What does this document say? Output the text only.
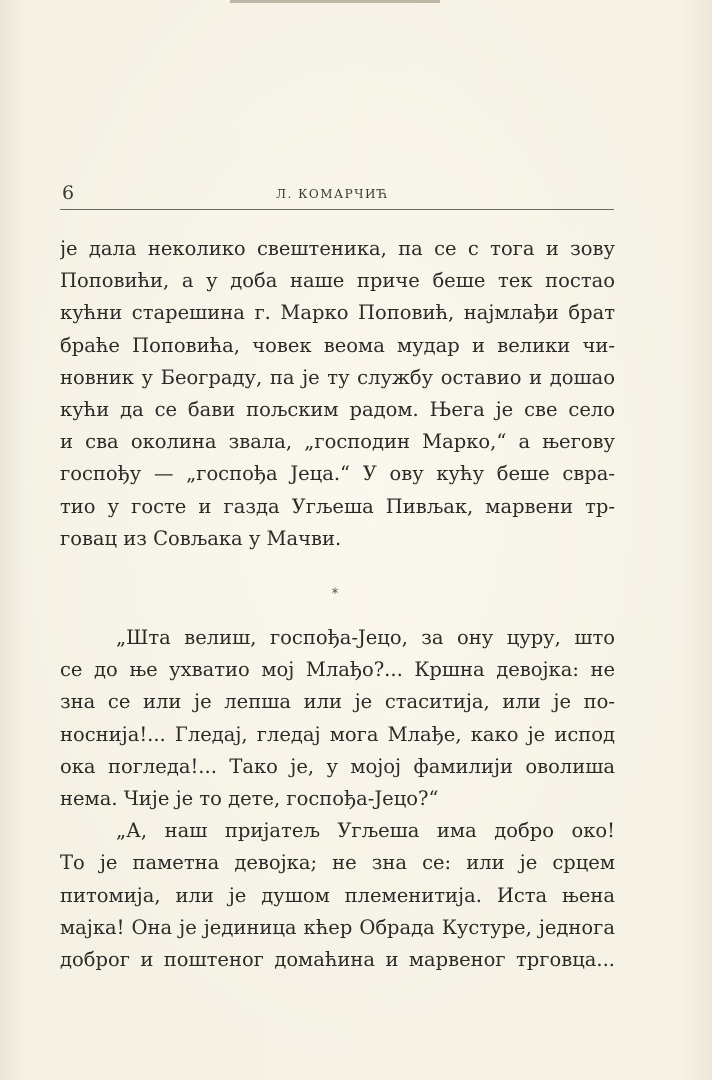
6	Л. КОМАРЧИЋ
је дала неколико свештеника, па се с тога и зову
Поповићи, а у доба наше приче беше тек постао
кућни старешина г. Марко Поповић, најмлађи брат
браће Поповића, човек веома мудар и велики чи-
новник у Београду, па је ту службу оставио и дошао
кући да се бави пољским радом. Њега је све село
и сва околина звала, „господин Марко,“ а његову
госпођу — „госпођа Јеца.“ У ову кућу беше свра-
тио у госте и газда Угљеша Пивљак, марвени тр-
говац из Совљака у Мачви.
*
„Шта велиш, госпођа-Јецо, за ону цуру, што
се до ње ухватио мој Млађо?... Кршна девојка: не
зна се или је лепша или је стаситија, или је по-
носнија!... Гледај, гледај мога Млађе, како је испод
ока погледа!... Тако је, у мојој фамилији оволиша
нема. Чије је то дете, госпођа-Јецо?“
„А, наш пријатељ Угљеша има добро око!
То је паметна девојка; не зна се: или је срцем
питомија, или је душом племенитија. Иста њена
мајка! Она је јединица кћер Обрада Кустуре, једнога
доброг и поштеног домаћина и марвеног трговца...
